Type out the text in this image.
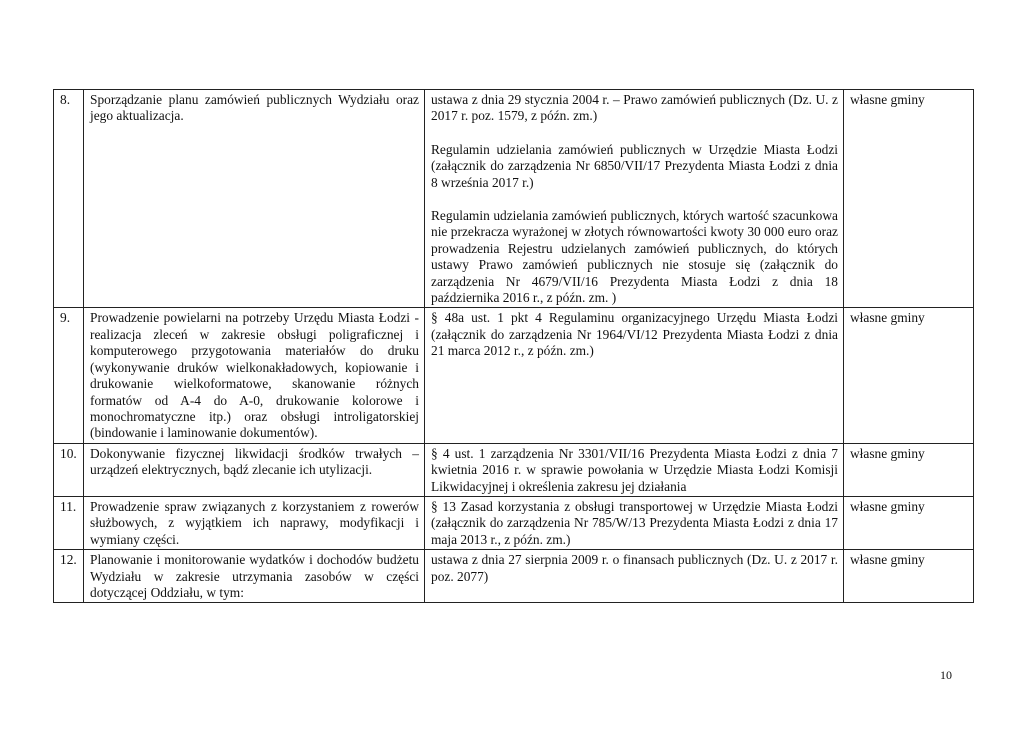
8.	Sporządzanie planu zamówień publicznych Wydziału oraz jego aktualizacja.	ustawa z dnia 29 stycznia 2004 r. – Prawo zamówień publicznych (Dz. U. z 2017 r. poz. 1579, z późn. zm.)
Regulamin udzielania zamówień publicznych w Urzędzie Miasta Łodzi (załącznik do zarządzenia Nr 6850/VII/17 Prezydenta Miasta Łodzi z dnia 8 września 2017 r.)
Regulamin udzielania zamówień publicznych, których wartość szacunkowa nie przekracza wyrażonej w złotych równowartości kwoty 30 000 euro oraz prowadzenia Rejestru udzielanych zamówień publicznych, do których ustawy Prawo zamówień publicznych nie stosuje się (załącznik do zarządzenia Nr 4679/VII/16 Prezydenta Miasta Łodzi z dnia 18 października 2016 r., z późn. zm. )	własne gminy
9.	Prowadzenie powielarni na potrzeby Urzędu Miasta Łodzi - realizacja zleceń w zakresie obsługi poligraficznej i komputerowego przygotowania materiałów do druku (wykonywanie druków wielkonakładowych, kopiowanie i drukowanie wielkoformatowe, skanowanie różnych formatów od A-4 do A-0, drukowanie kolorowe i monochromatyczne itp.) oraz obsługi introligatorskiej (bindowanie i laminowanie dokumentów).	§ 48a ust. 1 pkt 4 Regulaminu organizacyjnego Urzędu Miasta Łodzi (załącznik do zarządzenia Nr 1964/VI/12 Prezydenta Miasta Łodzi z dnia 21 marca 2012 r., z późn. zm.)	własne gminy
10.	Dokonywanie fizycznej likwidacji środków trwałych – urządzeń elektrycznych, bądź zlecanie ich utylizacji.	§ 4 ust. 1 zarządzenia Nr 3301/VII/16 Prezydenta Miasta Łodzi z dnia 7 kwietnia 2016 r. w sprawie powołania w Urzędzie Miasta Łodzi Komisji Likwidacyjnej i określenia zakresu jej działania	własne gminy
11.	Prowadzenie spraw związanych z korzystaniem z rowerów służbowych, z wyjątkiem ich naprawy, modyfikacji i wymiany części.	§ 13 Zasad korzystania z obsługi transportowej w Urzędzie Miasta Łodzi (załącznik do zarządzenia Nr 785/W/13 Prezydenta Miasta Łodzi z dnia 17 maja 2013 r., z późn. zm.)	własne gminy
12.	Planowanie i monitorowanie wydatków i dochodów budżetu Wydziału w zakresie utrzymania zasobów w części dotyczącej Oddziału, w tym:	ustawa z dnia 27 sierpnia 2009 r. o finansach publicznych (Dz. U. z 2017 r. poz. 2077)	własne gminy
10
